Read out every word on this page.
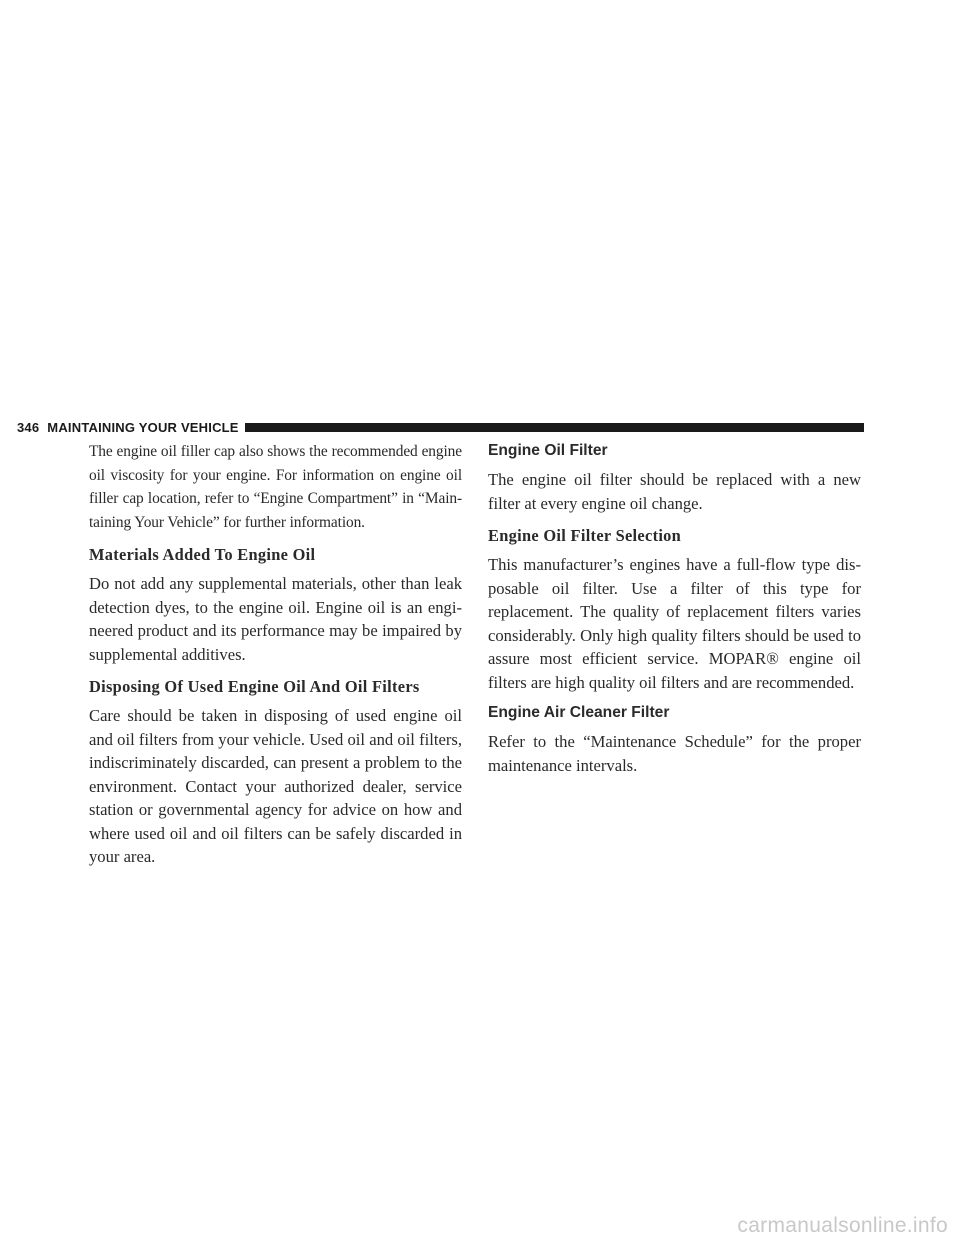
346 MAINTAINING YOUR VEHICLE

The engine oil filler cap also shows the recommended engine oil viscosity for your engine. For information on engine oil filler cap location, refer to “Engine Compartment” in “Main-taining Your Vehicle” for further information.

Materials Added To Engine Oil

Do not add any supplemental materials, other than leak detection dyes, to the engine oil. Engine oil is an engi-neered product and its performance may be impaired by supplemental additives.

Disposing Of Used Engine Oil And Oil Filters

Care should be taken in disposing of used engine oil and oil filters from your vehicle. Used oil and oil filters, indiscriminately discarded, can present a problem to the environment. Contact your authorized dealer, service station or governmental agency for advice on how and where used oil and oil filters can be safely discarded in your area.

Engine Oil Filter

The engine oil filter should be replaced with a new filter at every engine oil change.

Engine Oil Filter Selection

This manufacturer’s engines have a full-flow type dis-posable oil filter. Use a filter of this type for replacement. The quality of replacement filters varies considerably. Only high quality filters should be used to assure most efficient service. MOPAR® engine oil filters are high quality oil filters and are recommended.

Engine Air Cleaner Filter

Refer to the “Maintenance Schedule” for the proper maintenance intervals.

carmanualsonline.info
